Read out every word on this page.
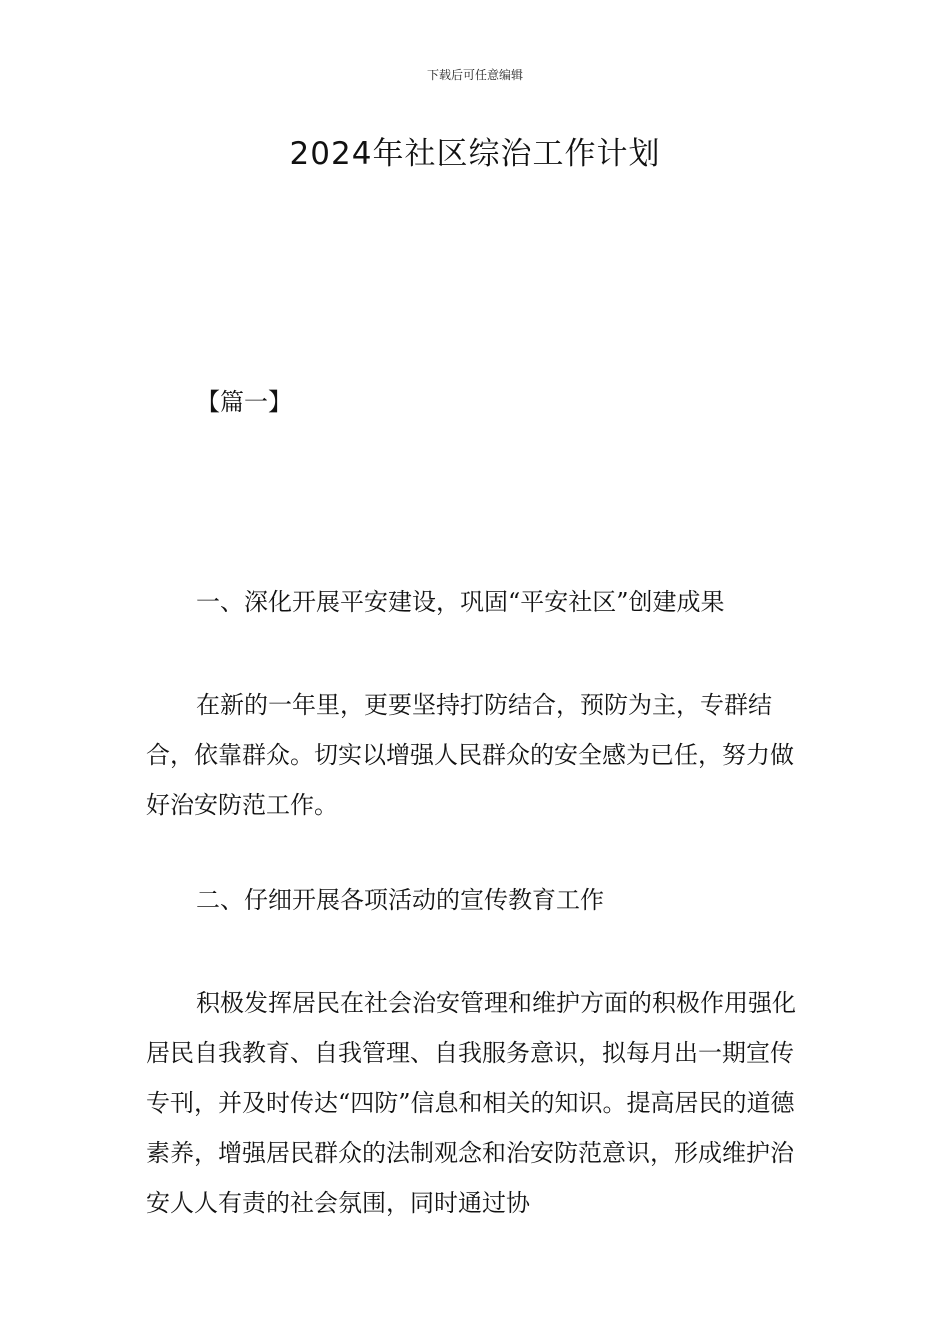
下载后可任意编辑
2024年社区综治工作计划
【篇一】
一、深化开展平安建设，巩固“平安社区”创建成果

在新的一年里，更要坚持打防结合，预防为主，专群结合，依靠群众。切实以增强人民群众的安全感为已任，努力做好治安防范工作。

二、仔细开展各项活动的宣传教育工作

积极发挥居民在社会治安管理和维护方面的积极作用强化居民自我教育、自我管理、自我服务意识，拟每月出一期宣传专刊，并及时传达“四防”信息和相关的知识。提高居民的道德素养，增强居民群众的法制观念和治安防范意识，形成维护治安人人有责的社会氛围，同时通过协
